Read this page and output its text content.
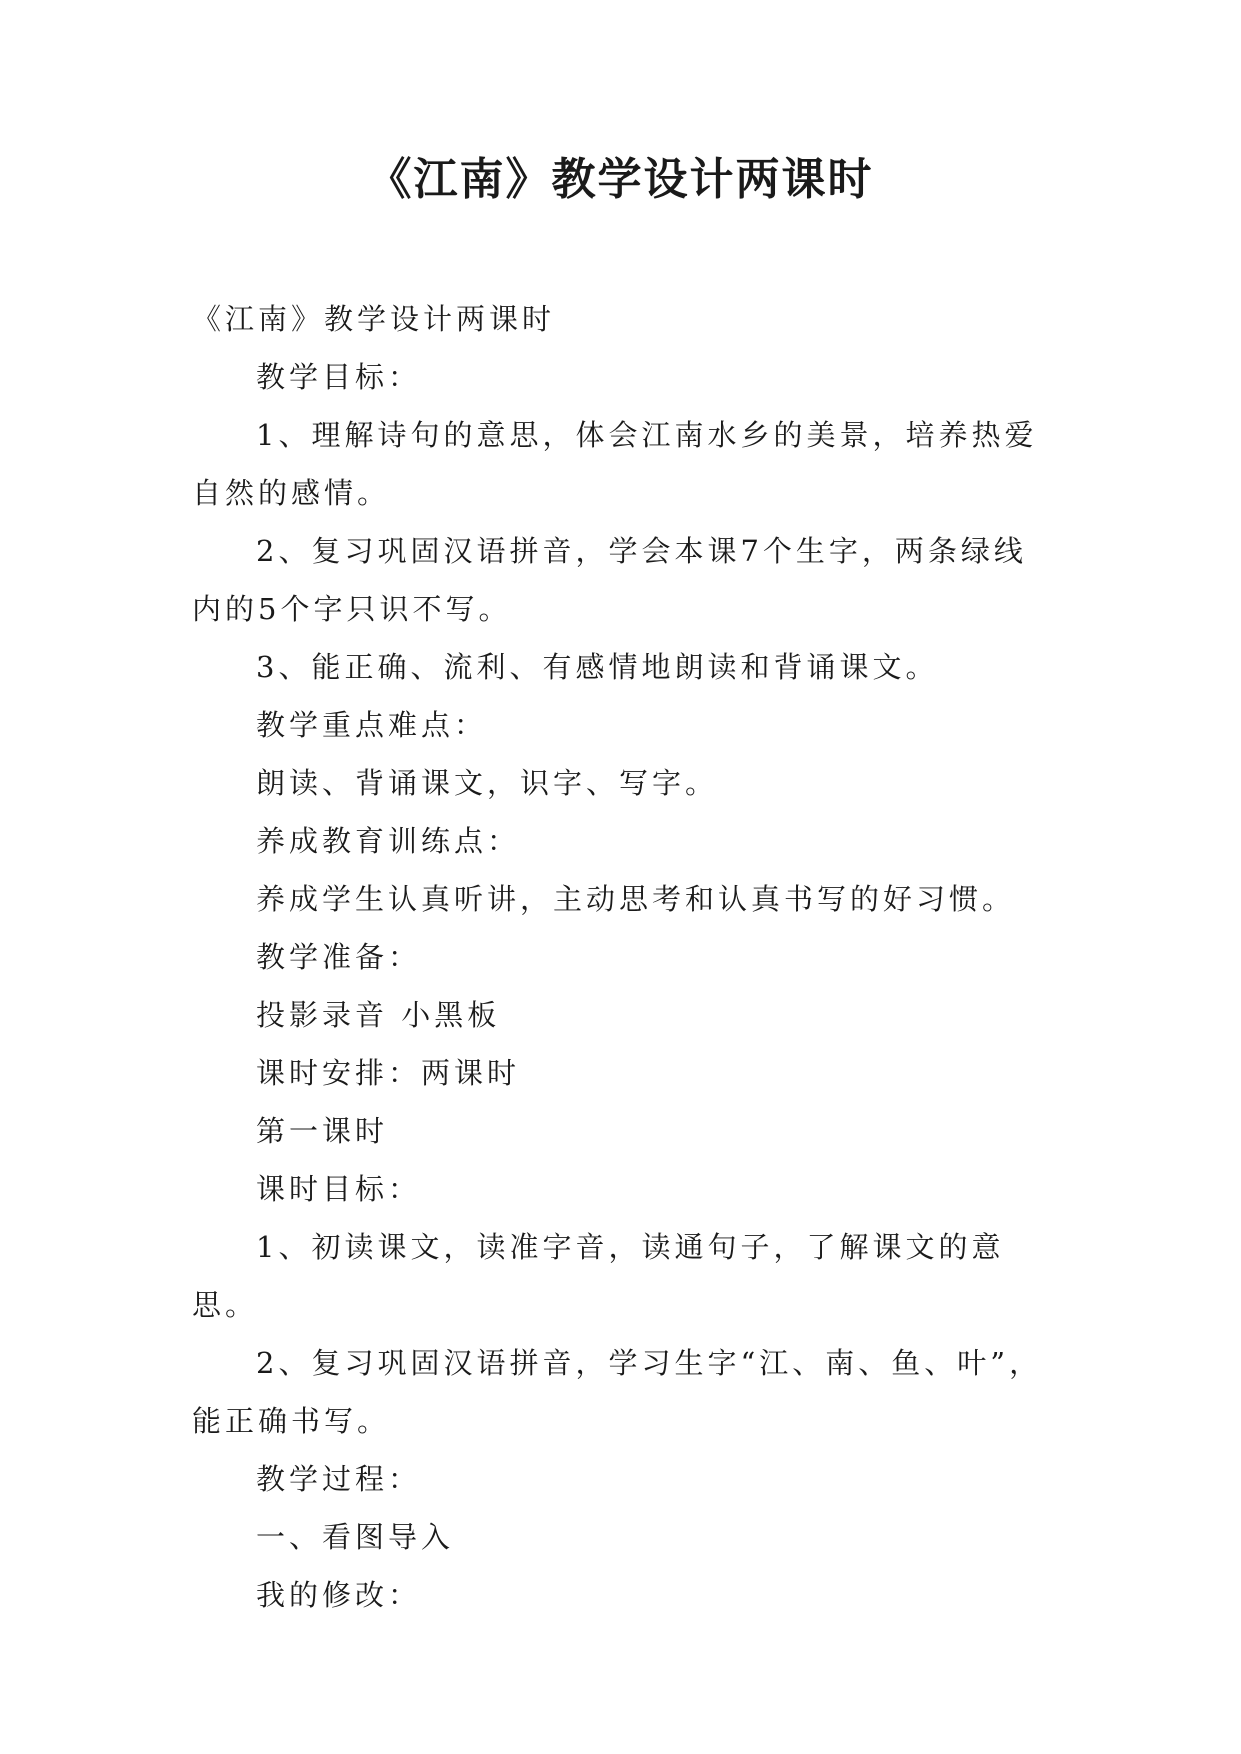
《江南》教学设计两课时

《江南》教学设计两课时

教学目标：

1、理解诗句的意思，体会江南水乡的美景，培养热爱自然的感情。

2、复习巩固汉语拼音，学会本课7个生字，两条绿线内的5个字只识不写。

3、能正确、流利、有感情地朗读和背诵课文。

教学重点难点：

朗读、背诵课文，识字、写字。

养成教育训练点：

养成学生认真听讲，主动思考和认真书写的好习惯。

教学准备：

投影录音 小黑板

课时安排：两课时

第一课时

课时目标：

1、初读课文，读准字音，读通句子，了解课文的意思。

2、复习巩固汉语拼音，学习生字“江、南、鱼、叶”，能正确书写。

教学过程：

一、看图导入

我的修改：
